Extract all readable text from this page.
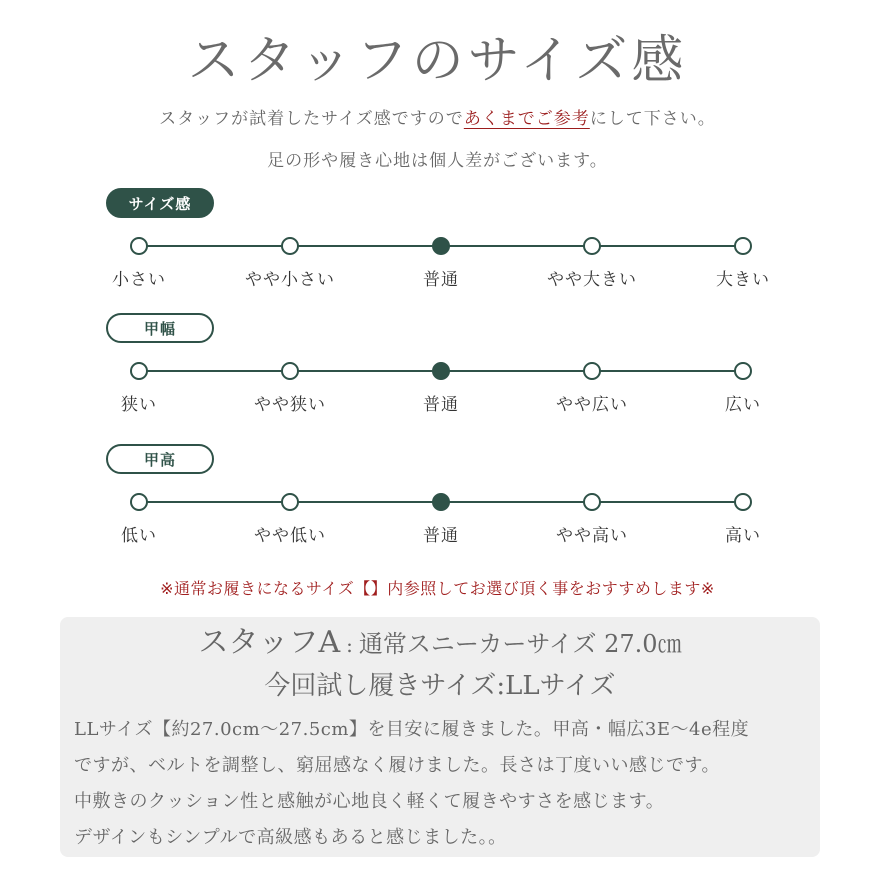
スタッフのサイズ感
スタッフが試着したサイズ感ですのであくまでご参考にして下さい。
足の形や履き心地は個人差がございます。
サイズ感
小さい	やや小さい	普通	やや大きい	大きい
甲幅
狭い	やや狭い	普通	やや広い	広い
甲高
低い	やや低い	普通	やや高い	高い
※通常お履きになるサイズ【】内参照してお選び頂く事をおすすめします※
スタッフA : 通常スニーカーサイズ 27.0㎝
今回試し履きサイズ:LLサイズ
LLサイズ【約27.0cm～27.5cm】を目安に履きました。甲高・幅広3E～4e程度
ですが、ベルトを調整し、窮屈感なく履けました。長さは丁度いい感じです。
中敷きのクッション性と感触が心地良く軽くて履きやすさを感じます。
デザインもシンプルで高級感もあると感じました。。
